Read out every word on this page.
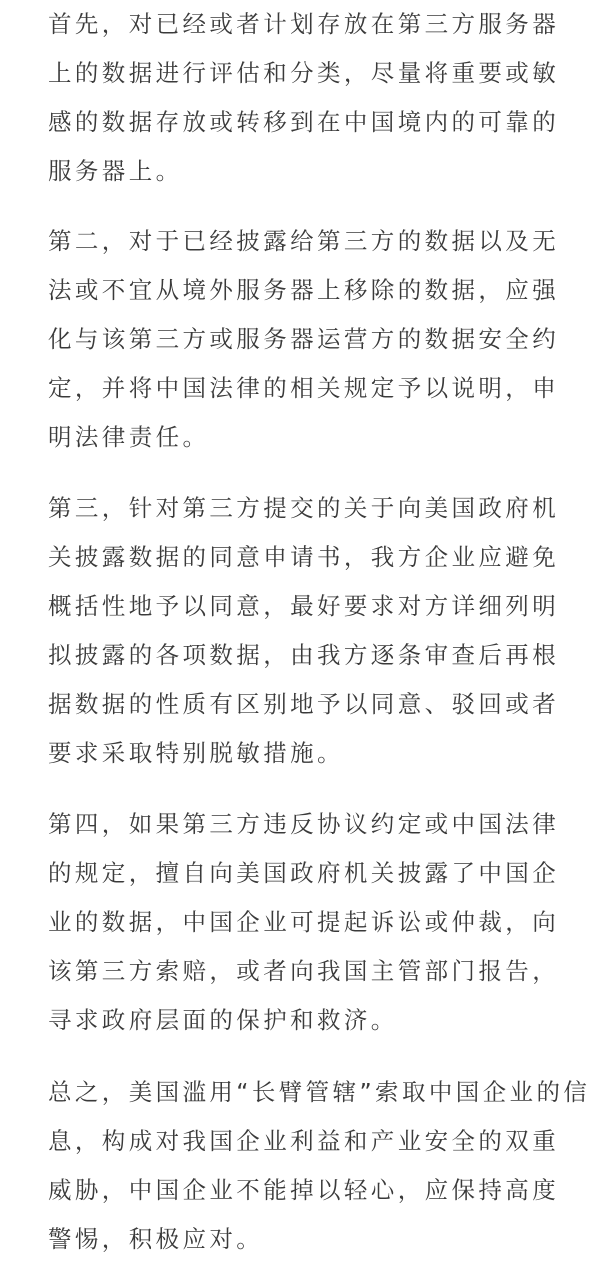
首先，对已经或者计划存放在第三方服务器
上的数据进行评估和分类，尽量将重要或敏
感的数据存放或转移到在中国境内的可靠的
服务器上。
第二，对于已经披露给第三方的数据以及无
法或不宜从境外服务器上移除的数据，应强
化与该第三方或服务器运营方的数据安全约
定，并将中国法律的相关规定予以说明，申
明法律责任。
第三，针对第三方提交的关于向美国政府机
关披露数据的同意申请书，我方企业应避免
概括性地予以同意，最好要求对方详细列明
拟披露的各项数据，由我方逐条审查后再根
据数据的性质有区别地予以同意、驳回或者
要求采取特别脱敏措施。
第四，如果第三方违反协议约定或中国法律
的规定，擅自向美国政府机关披露了中国企
业的数据，中国企业可提起诉讼或仲裁，向
该第三方索赔，或者向我国主管部门报告，
寻求政府层面的保护和救济。
总之，美国滥用“长臂管辖”索取中国企业的信
息，构成对我国企业利益和产业安全的双重
威胁，中国企业不能掉以轻心，应保持高度
警惕，积极应对。
